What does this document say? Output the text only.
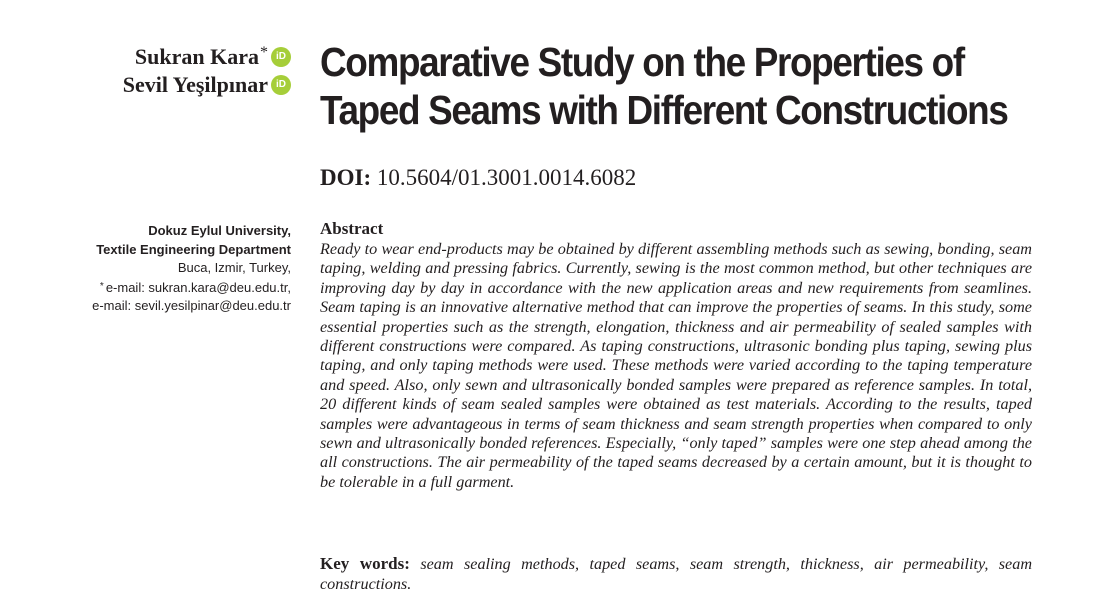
Sukran Kara * iD
Sevil Yeşilpınar iD
Dokuz Eylul University,
Textile Engineering Department
Buca, Izmir, Turkey,
* e-mail: sukran.kara@deu.edu.tr,
e-mail: sevil.yesilpinar@deu.edu.tr
Comparative Study on the Properties of
Taped Seams with Different Constructions
DOI: 10.5604/01.3001.0014.6082
Abstract
Ready to wear end-products may be obtained by different assembling methods such as sewing, bonding, seam taping, welding and pressing fabrics. Currently, sewing is the most common method, but other techniques are improving day by day in accordance with the new application areas and new requirements from seamlines. Seam taping is an innovative alternative method that can improve the properties of seams. In this study, some essential properties such as the strength, elongation, thickness and air permeability of sealed samples with different constructions were compared. As taping constructions, ultrasonic bonding plus taping, sewing plus taping, and only taping methods were used. These methods were varied according to the taping temperature and speed. Also, only sewn and ultrasonically bonded samples were prepared as reference samples. In total, 20 different kinds of seam sealed samples were obtained as test materials. According to the results, taped samples were advantageous in terms of seam thickness and seam strength properties when compared to only sewn and ultrasonically bonded references. Especially, “only taped” samples were one step ahead among the all constructions. The air permeability of the taped seams decreased by a certain amount, but it is thought to be tolerable in a full garment.
Key words: seam sealing methods, taped seams, seam strength, thickness, air permeability, seam constructions.
